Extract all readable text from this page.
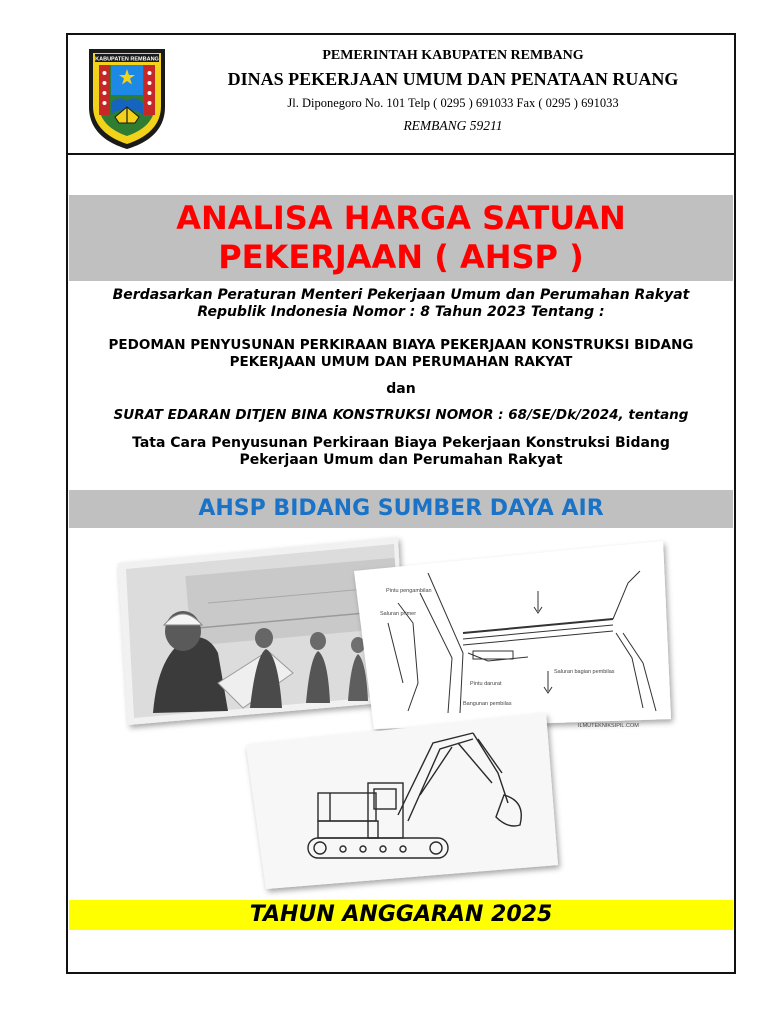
KABUPATEN REMBANG	PEMERINTAH KABUPATEN REMBANG
DINAS PEKERJAAN UMUM DAN PENATAAN RUANG
Jl. Diponegoro No. 101 Telp ( 0295 ) 691033 Fax ( 0295 ) 691033
REMBANG 59211
ANALISA HARGA SATUAN
PEKERJAAN ( AHSP )
Berdasarkan Peraturan Menteri Pekerjaan Umum dan Perumahan Rakyat
Republik Indonesia Nomor : 8 Tahun 2023 Tentang :
PEDOMAN PENYUSUNAN PERKIRAAN BIAYA PEKERJAAN KONSTRUKSI BIDANG
PEKERJAAN UMUM DAN PERUMAHAN RAKYAT
dan
SURAT EDARAN DITJEN BINA KONSTRUKSI NOMOR : 68/SE/Dk/2024, tentang
Tata Cara Penyusunan Perkiraan Biaya Pekerjaan Konstruksi Bidang
Pekerjaan Umum dan Perumahan Rakyat
AHSP BIDANG SUMBER DAYA AIR
Pintu pengambilan
Saluran primer
Pintu darurat
Bangunan pembilas
Saluran bagian pembilas
ILMUTEKNIKSIPIL.COM
TAHUN ANGGARAN 2025
